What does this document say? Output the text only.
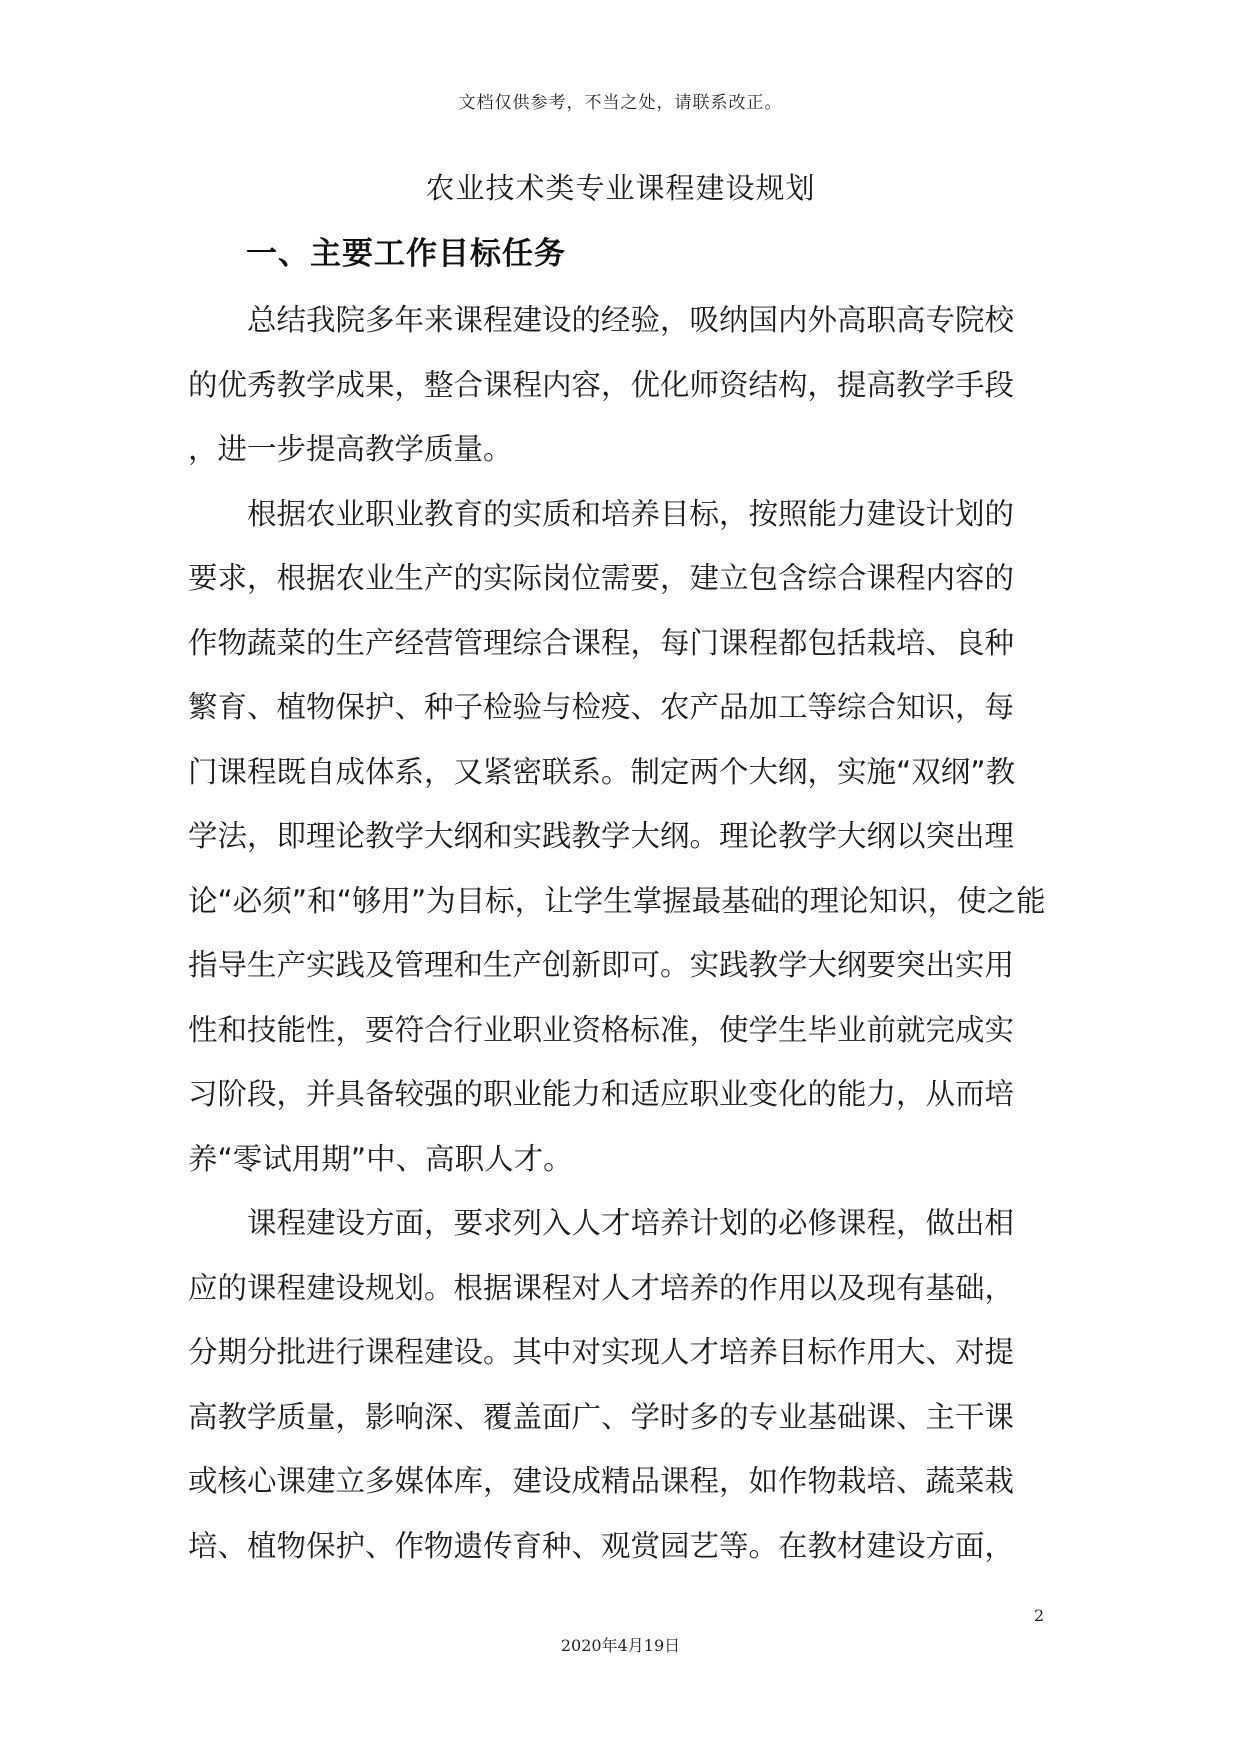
文档仅供参考，不当之处，请联系改正。
农业技术类专业课程建设规划
一、主要工作目标任务
总结我院多年来课程建设的经验，吸纳国内外高职高专院校
的优秀教学成果，整合课程内容，优化师资结构，提高教学手段
，进一步提高教学质量。
根据农业职业教育的实质和培养目标，按照能力建设计划的
要求，根据农业生产的实际岗位需要，建立包含综合课程内容的
作物蔬菜的生产经营管理综合课程，每门课程都包括栽培、良种
繁育、植物保护、种子检验与检疫、农产品加工等综合知识，每
门课程既自成体系，又紧密联系。制定两个大纲，实施“双纲”教
学法，即理论教学大纲和实践教学大纲。理论教学大纲以突出理
论“必须”和“够用”为目标，让学生掌握最基础的理论知识，使之能
指导生产实践及管理和生产创新即可。实践教学大纲要突出实用
性和技能性，要符合行业职业资格标准，使学生毕业前就完成实
习阶段，并具备较强的职业能力和适应职业变化的能力，从而培
养“零试用期”中、高职人才。
课程建设方面，要求列入人才培养计划的必修课程，做出相
应的课程建设规划。根据课程对人才培养的作用以及现有基础，
分期分批进行课程建设。其中对实现人才培养目标作用大、对提
高教学质量，影响深、覆盖面广、学时多的专业基础课、主干课
或核心课建立多媒体库，建设成精品课程，如作物栽培、蔬菜栽
培、植物保护、作物遗传育种、观赏园艺等。在教材建设方面，
2
2020年4月19日
